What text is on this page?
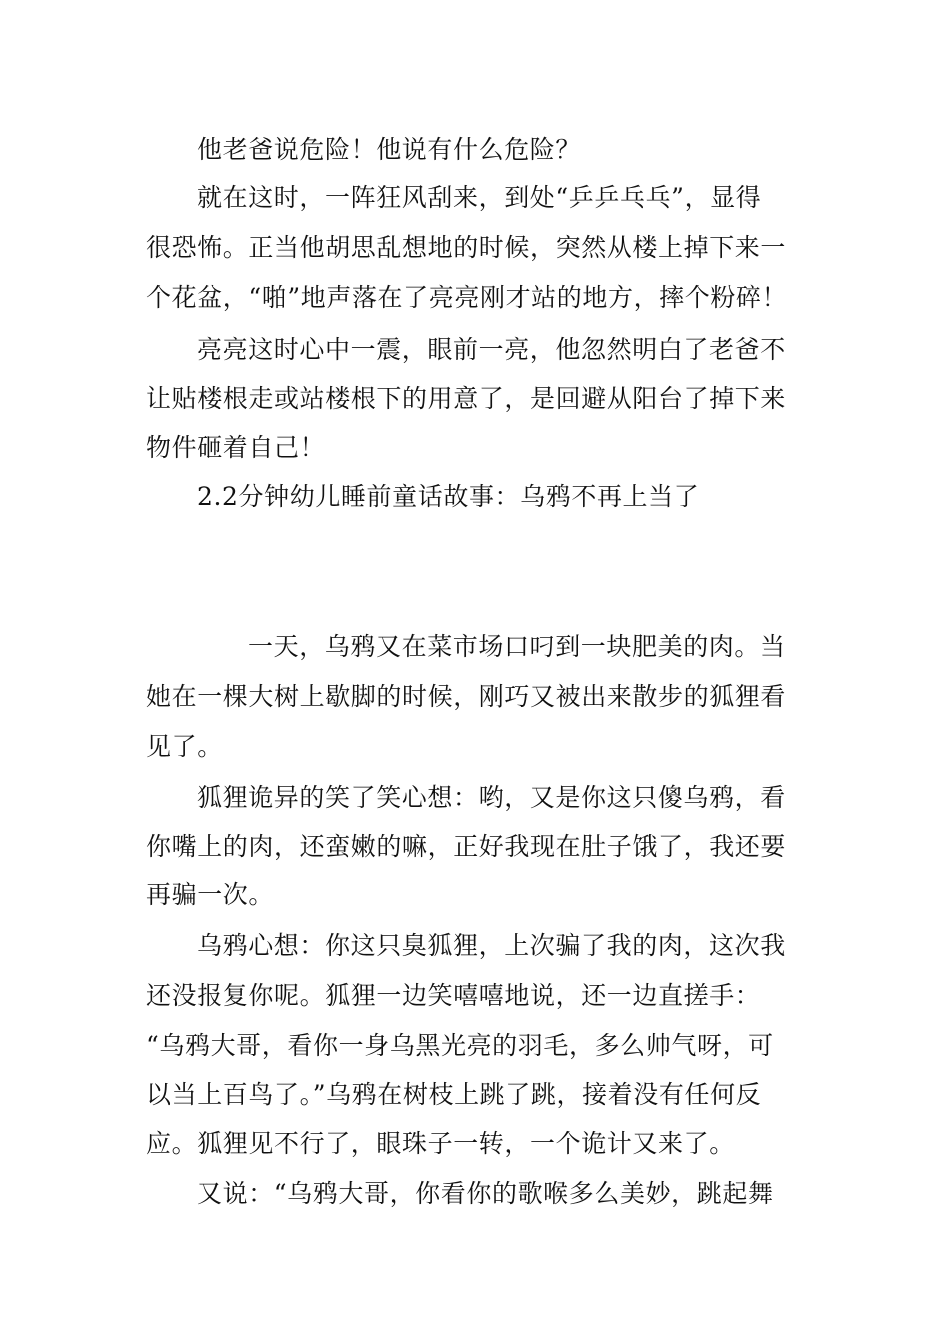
他老爸说危险！他说有什么危险？
就在这时，一阵狂风刮来，到处“乒乒乓乓”，显得
很恐怖。正当他胡思乱想地的时候，突然从楼上掉下来一
个花盆，“啪”地声落在了亮亮刚才站的地方，摔个粉碎！
亮亮这时心中一震，眼前一亮，他忽然明白了老爸不
让贴楼根走或站楼根下的用意了，是回避从阳台了掉下来
物件砸着自己！
2.2分钟幼儿睡前童话故事：乌鸦不再上当了
一天，乌鸦又在菜市场口叼到一块肥美的肉。当
她在一棵大树上歇脚的时候，刚巧又被出来散步的狐狸看
见了。
狐狸诡异的笑了笑心想：哟，又是你这只傻乌鸦，看
你嘴上的肉，还蛮嫩的嘛，正好我现在肚子饿了，我还要
再骗一次。
乌鸦心想：你这只臭狐狸，上次骗了我的肉，这次我
还没报复你呢。狐狸一边笑嘻嘻地说，还一边直搓手：
“乌鸦大哥，看你一身乌黑光亮的羽毛，多么帅气呀，可
以当上百鸟了。”乌鸦在树枝上跳了跳，接着没有任何反
应。狐狸见不行了，眼珠子一转，一个诡计又来了。
又说：“乌鸦大哥，你看你的歌喉多么美妙，跳起舞
